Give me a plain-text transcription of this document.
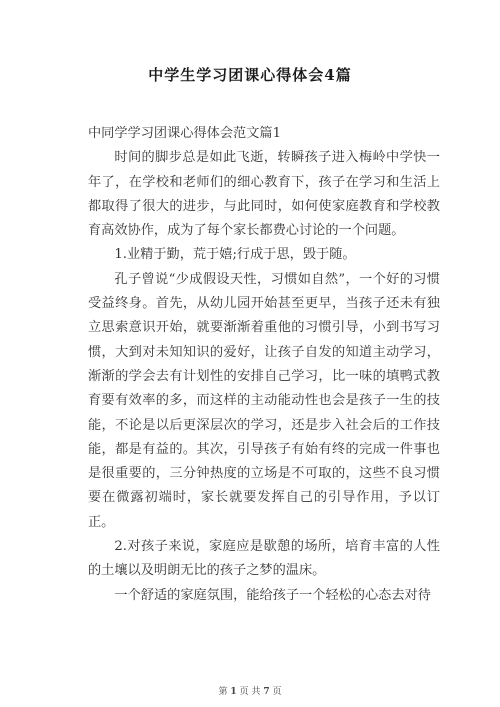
中学生学习团课心得体会4篇

中同学学习团课心得体会范文篇1

时间的脚步总是如此飞逝，转瞬孩子进入梅岭中学快一年了，在学校和老师们的细心教育下，孩子在学习和生活上都取得了很大的进步，与此同时，如何使家庭教育和学校教育高效协作，成为了每个家长都费心讨论的一个问题。

1.业精于勤，荒于嬉;行成于思，毁于随。

孔子曾说“少成假设天性，习惯如自然”，一个好的习惯受益终身。首先，从幼儿园开始甚至更早，当孩子还未有独立思索意识开始，就要渐渐着重他的习惯引导，小到书写习惯，大到对未知知识的爱好，让孩子自发的知道主动学习，渐渐的学会去有计划性的安排自己学习，比一味的填鸭式教育要有效率的多，而这样的主动能动性也会是孩子一生的技能，不论是以后更深层次的学习，还是步入社会后的工作技能，都是有益的。其次，引导孩子有始有终的完成一件事也是很重要的，三分钟热度的立场是不可取的，这些不良习惯要在微露初端时，家长就要发挥自己的引导作用，予以订正。

2.对孩子来说，家庭应是歇憩的场所，培育丰富的人性的土壤以及明朗无比的孩子之梦的温床。

一个舒适的家庭氛围，能给孩子一个轻松的心态去对待

第 1 页 共 7 页
